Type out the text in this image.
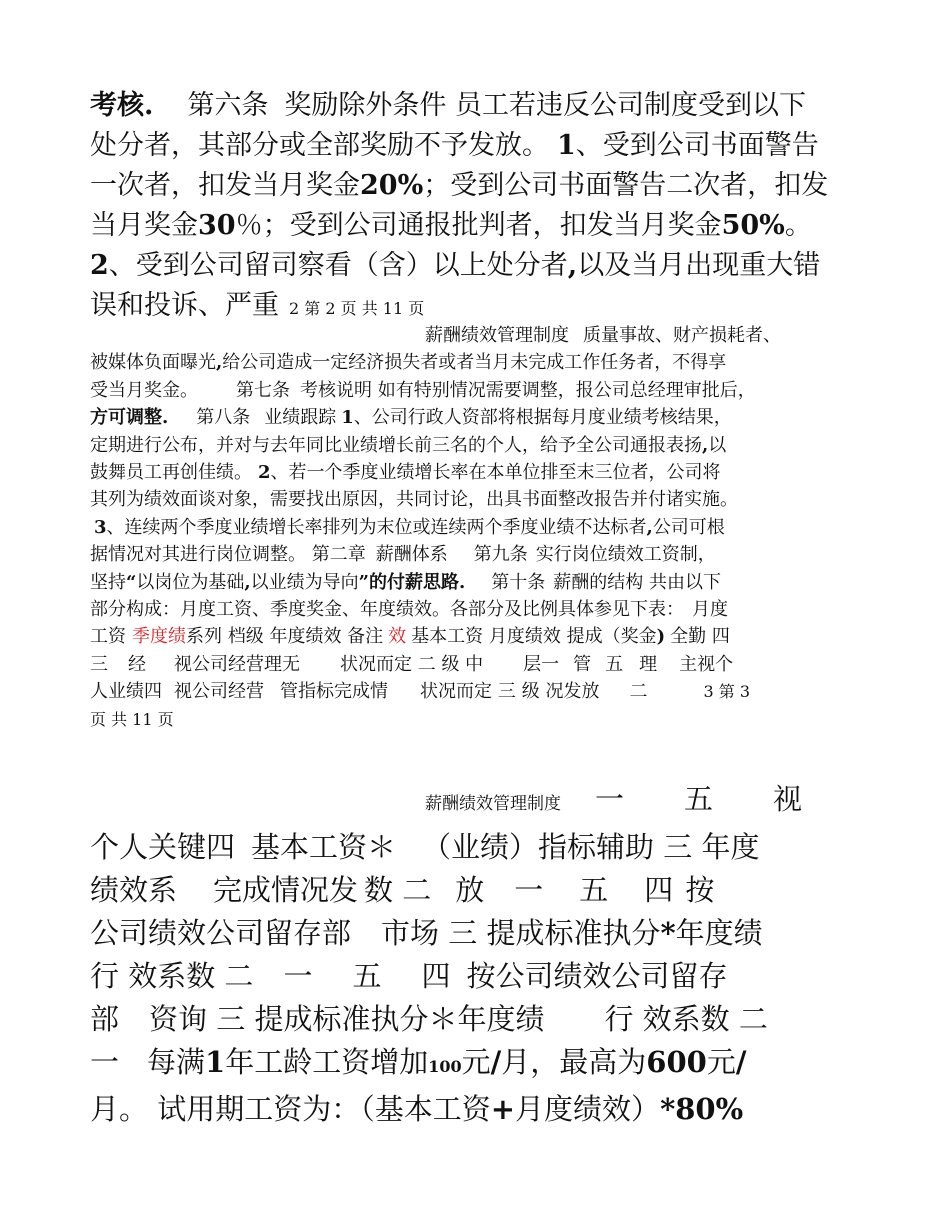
考核. 第六条 奖励除外条件 员工若违反公司制度受到以下
处分者，其部分或全部奖励不予发放。 1、受到公司书面警告
一次者，扣发当月奖金20%；受到公司书面警告二次者，扣发
当月奖金30％；受到公司通报批判者，扣发当月奖金50%。
2、受到公司留司察看（含）以上处分者,以及当月出现重大错
误和投诉、严重 2 第 2 页 共 11 页
薪酬绩效管理制度 质量事故、财产损耗者、
被媒体负面曝光,给公司造成一定经济损失者或者当月未完成工作任务者，不得享
受当月奖金。 第七条 考核说明 如有特别情况需要调整，报公司总经理审批后，
方可调整. 第八条 业绩跟踪 1、公司行政人资部将根据每月度业绩考核结果，
定期进行公布，并对与去年同比业绩增长前三名的个人，给予全公司通报表扬,以
鼓舞员工再创佳绩。 2、若一个季度业绩增长率在本单位排至末三位者，公司将
其列为绩效面谈对象，需要找出原因，共同讨论，出具书面整改报告并付诸实施。
3、连续两个季度业绩增长率排列为末位或连续两个季度业绩不达标者,公司可根
据情况对其进行岗位调整。 第二章 薪酬体系 第九条 实行岗位绩效工资制，
坚持“以岗位为基础,以业绩为导向”的付薪思路. 第十条 薪酬的结构 共由以下
部分构成：月度工资、季度奖金、年度绩效。各部分及比例具体参见下表： 月度
工资 季度绩系列 档级 年度绩效 备注 效 基本工资 月度绩效 提成（奖金) 全勤 四
三 经 视公司经营理无 状况而定 二 级 中 层一 管 五 理 主视个
人业绩四 视公司经营 管指标完成情 状况而定 三 级 况发放 二	3 第 3
页 共 11 页
薪酬绩效管理制度 一 五 视
个人关键四 基本工资＊ （业绩）指标辅助 三 年度
绩效系 完成情况发 数 二 放 一 五 四 按
公司绩效公司留存部 市场 三 提成标准执分*年度绩
行 效系数 二 一 五 四 按公司绩效公司留存
部 资询 三 提成标准执分＊年度绩 行 效系数 二
一 每满1年工龄工资增加100元/月，最高为600元/
月。 试用期工资为：（基本工资+月度绩效）*80%
